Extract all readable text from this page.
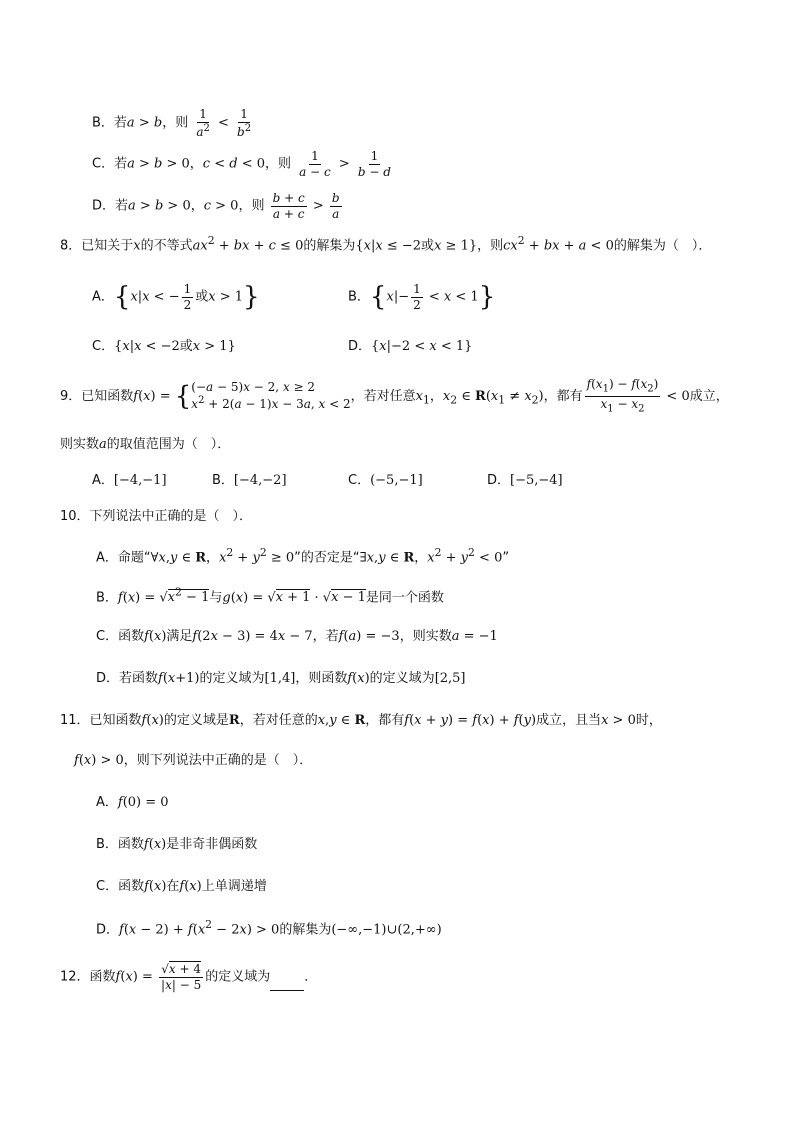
B．若a > b，则 $\frac{1}{a^2} < \frac{1}{b^2}$
C．若a > b > 0，c < d < 0，则 $\frac{1}{a - c} > \frac{1}{b - d}$
D．若a > b > 0，c > 0，则 $\frac{b + c}{a + c} > \frac{b}{a}$
8．已知关于x的不等式$ax^2$ + bx + c ≤ 0的解集为{x|x ≤ −2或x ≥ 1}，则$cx^2$ + bx + a < 0的解集为（　）．
A．{x|x < − $\frac{1}{2}$ 或x > 1}	B．$\{x|- \frac{1}{2} < x < 1\}$
C．{x|x < −2或x > 1}	D．{x|−2 < x < 1}
9．已知函数f(x) = { (−a − 5)x − 2, x ≥ 2
$x^2 + 2(a - 1)x - 3a$, x < 2
，若对任意$x_1$，$x_2$ ∈ $R(x_1 \ne x_2)$，都有 $\frac{f(x_1) - f(x_2)}{x_1 - x_2} < 0$成立，
则实数a的取值范围为（　）．
A．[−4,−1]	B．[−4,−2]	C．(−5,−1]	D．[−5,−4]
10．下列说法中正确的是（　）．
A．命题“∀x,y ∈ R，$x^2 + y^2 \ge 0$”的否定是“∃x,y ∈ R，$x^2 + y^2 < 0$”
B．$f(x) = √x^2 - 1$与g(x) = √x + 1 · √x − 1是同一个函数
C．函数f(x)满足f(2x − 3) = 4x − 7，若f(a) = −3，则实数a = −1
D．若函数f(x+1)的定义域为[1,4]，则函数f(x)的定义域为[2,5]
11．已知函数f(x)的定义域是R，若对任意的x,y ∈ R，都有f(x + y) = f(x) + f(y)成立，且当x > 0时，
f(x) > 0，则下列说法中正确的是（　）．
A．f(0) = 0
B．函数f(x)是非奇非偶函数
C．函数f(x)在f(x)上单调递增
D．$f(x - 2) + f(x^2 - 2x) > 0$的解集为(−∞,−1)∪(2,+∞)
12．函数$f(x) = \frac{√x + 4}{|x| - 5}$ 的定义域为	．
